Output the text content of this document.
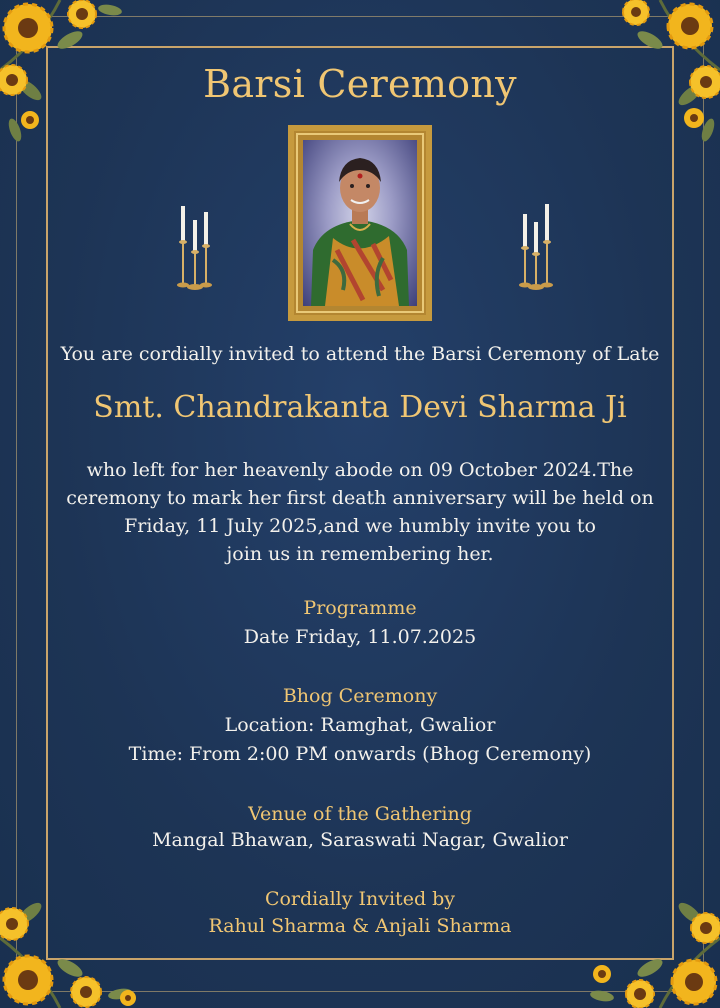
Barsi Ceremony
You are cordially invited to attend the Barsi Ceremony of Late
Smt. Chandrakanta Devi Sharma Ji
who left for her heavenly abode on 09 October 2024.The
ceremony to mark her first death anniversary will be held on
Friday, 11 July 2025,and we humbly invite you to
join us in remembering her.
Programme
Date Friday, 11.07.2025
Bhog Ceremony
Location: Ramghat, Gwalior
Time: From 2:00 PM onwards (Bhog Ceremony)
Venue of the Gathering
Mangal Bhawan, Saraswati Nagar, Gwalior
Cordially Invited by
Rahul Sharma & Anjali Sharma
